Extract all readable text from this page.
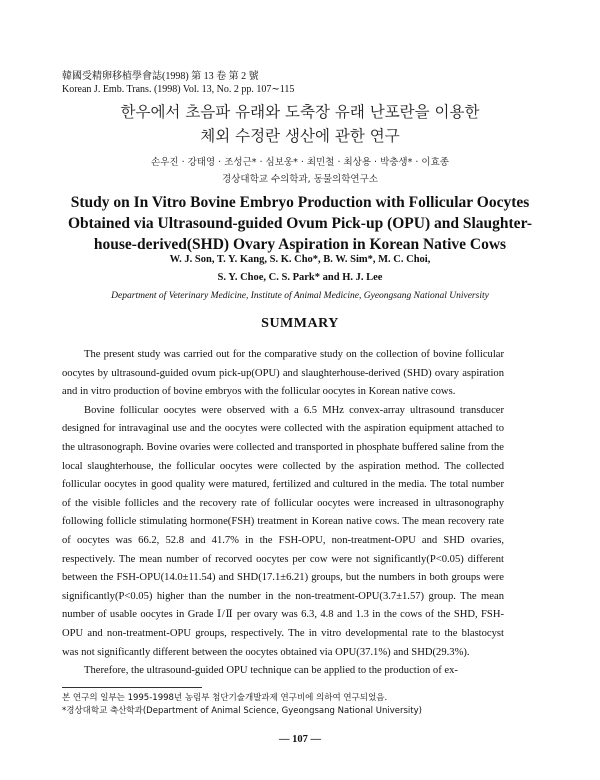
韓國受精卵移植學會誌(1998) 第 13 卷 第 2 號
Korean J. Emb. Trans. (1998) Vol. 13, No. 2 pp. 107∼115
한우에서 초음파 유래와 도축장 유래 난포란을 이용한
체외 수정란 생산에 관한 연구
손우진 · 강태영 · 조성근* · 심보웅* · 최민철 · 최상용 · 박충생* · 이효종
경상대학교 수의학과, 동물의학연구소
Study on In Vitro Bovine Embryo Production with Follicular Oocytes
Obtained via Ultrasound-guided Ovum Pick-up (OPU) and Slaughter-
house-derived(SHD) Ovary Aspiration in Korean Native Cows
W. J. Son, T. Y. Kang, S. K. Cho*, B. W. Sim*, M. C. Choi,
S. Y. Choe, C. S. Park* and H. J. Lee
Department of Veterinary Medicine, Institute of Animal Medicine, Gyeongsang National University
SUMMARY

The present study was carried out for the comparative study on the collection of bovine follicular oocytes by ultrasound-guided ovum pick-up(OPU) and slaughterhouse-derived (SHD) ovary aspiration and in vitro production of bovine embryos with the follicular oocytes in Korean native cows.

Bovine follicular oocytes were observed with a 6.5 MHz convex-array ultrasound transducer designed for intravaginal use and the oocytes were collected with the aspiration equipment attached to the ultrasonograph. Bovine ovaries were collected and transported in phosphate buffered saline from the local slaughterhouse, the follicular oocytes were collected by the aspiration method. The collected follicular oocytes in good quality were matured, fertilized and cultured in the media. The total number of the visible follicles and the recovery rate of follicular oocytes were increased in ultrasonography following follicle stimulating hormone(FSH) treatment in Korean native cows. The mean recovery rate of oocytes was 66.2, 52.8 and 41.7% in the FSH-OPU, non-treatment-OPU and SHD ovaries, respectively. The mean number of recorved oocytes per cow were not significantly(P<0.05) different between the FSH-OPU(14.0±11.54) and SHD(17.1±6.21) groups, but the numbers in both groups were significantly(P<0.05) higher than the number in the non-treatment-OPU(3.7±1.57) group. The mean number of usable oocytes in Grade Ⅰ/Ⅱ per ovary was 6.3, 4.8 and 1.3 in the cows of the SHD, FSH-OPU and non-treatment-OPU groups, respectively. The in vitro developmental rate to the blastocyst was not significantly different between the oocytes obtained via OPU(37.1%) and SHD(29.3%).

Therefore, the ultrasound-guided OPU technique can be applied to the production of ex-

본 연구의 일부는 1995-1998년 농림부 첨단기술개발과제 연구비에 의하여 연구되었음.
*경상대학교 축산학과(Department of Animal Science, Gyeongsang National University)
— 107 —
